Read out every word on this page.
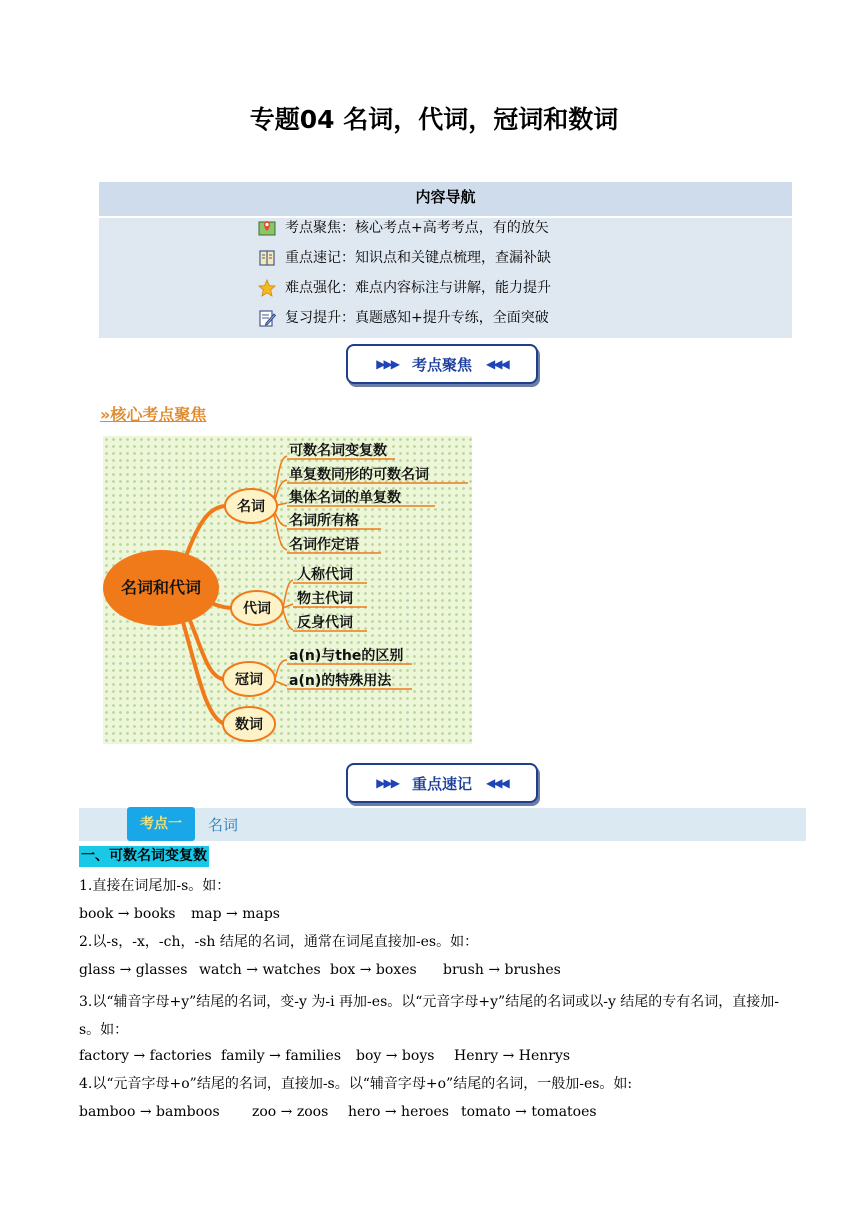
专题04 名词，代词，冠词和数词
内容导航
考点聚焦：核心考点+高考考点，有的放矢
重点速记：知识点和关键点梳理，查漏补缺
难点强化：难点内容标注与讲解，能力提升
复习提升：真题感知+提升专练，全面突破
▶▶▶ 考点聚焦 ◀◀◀
»核心考点聚焦
名词和代词
名词
代词
冠词
数词
可数名词变复数
单复数同形的可数名词
集体名词的单复数
名词所有格
名词作定语
人称代词
物主代词
反身代词
a(n)与the的区别
a(n)的特殊用法
▶▶▶ 重点速记 ◀◀◀
考点一	名词
一、可数名词变复数
1.直接在词尾加-s。如：
book → books map → maps
2.以-s，-x，-ch，-sh 结尾的名词，通常在词尾直接加-es。如：
glass → glasses watch → watches box → boxes brush → brushes
3.以“辅音字母+y”结尾的名词，变-y 为-i 再加-es。以“元音字母+y”结尾的名词或以-y 结尾的专有名词，直接加-s。如：
factory → factories family → families boy → boys Henry → Henrys
4.以“元音字母+o”结尾的名词，直接加-s。以“辅音字母+o”结尾的名词，一般加-es。如:
bamboo → bamboos zoo → zoos hero → heroes tomato → tomatoes
